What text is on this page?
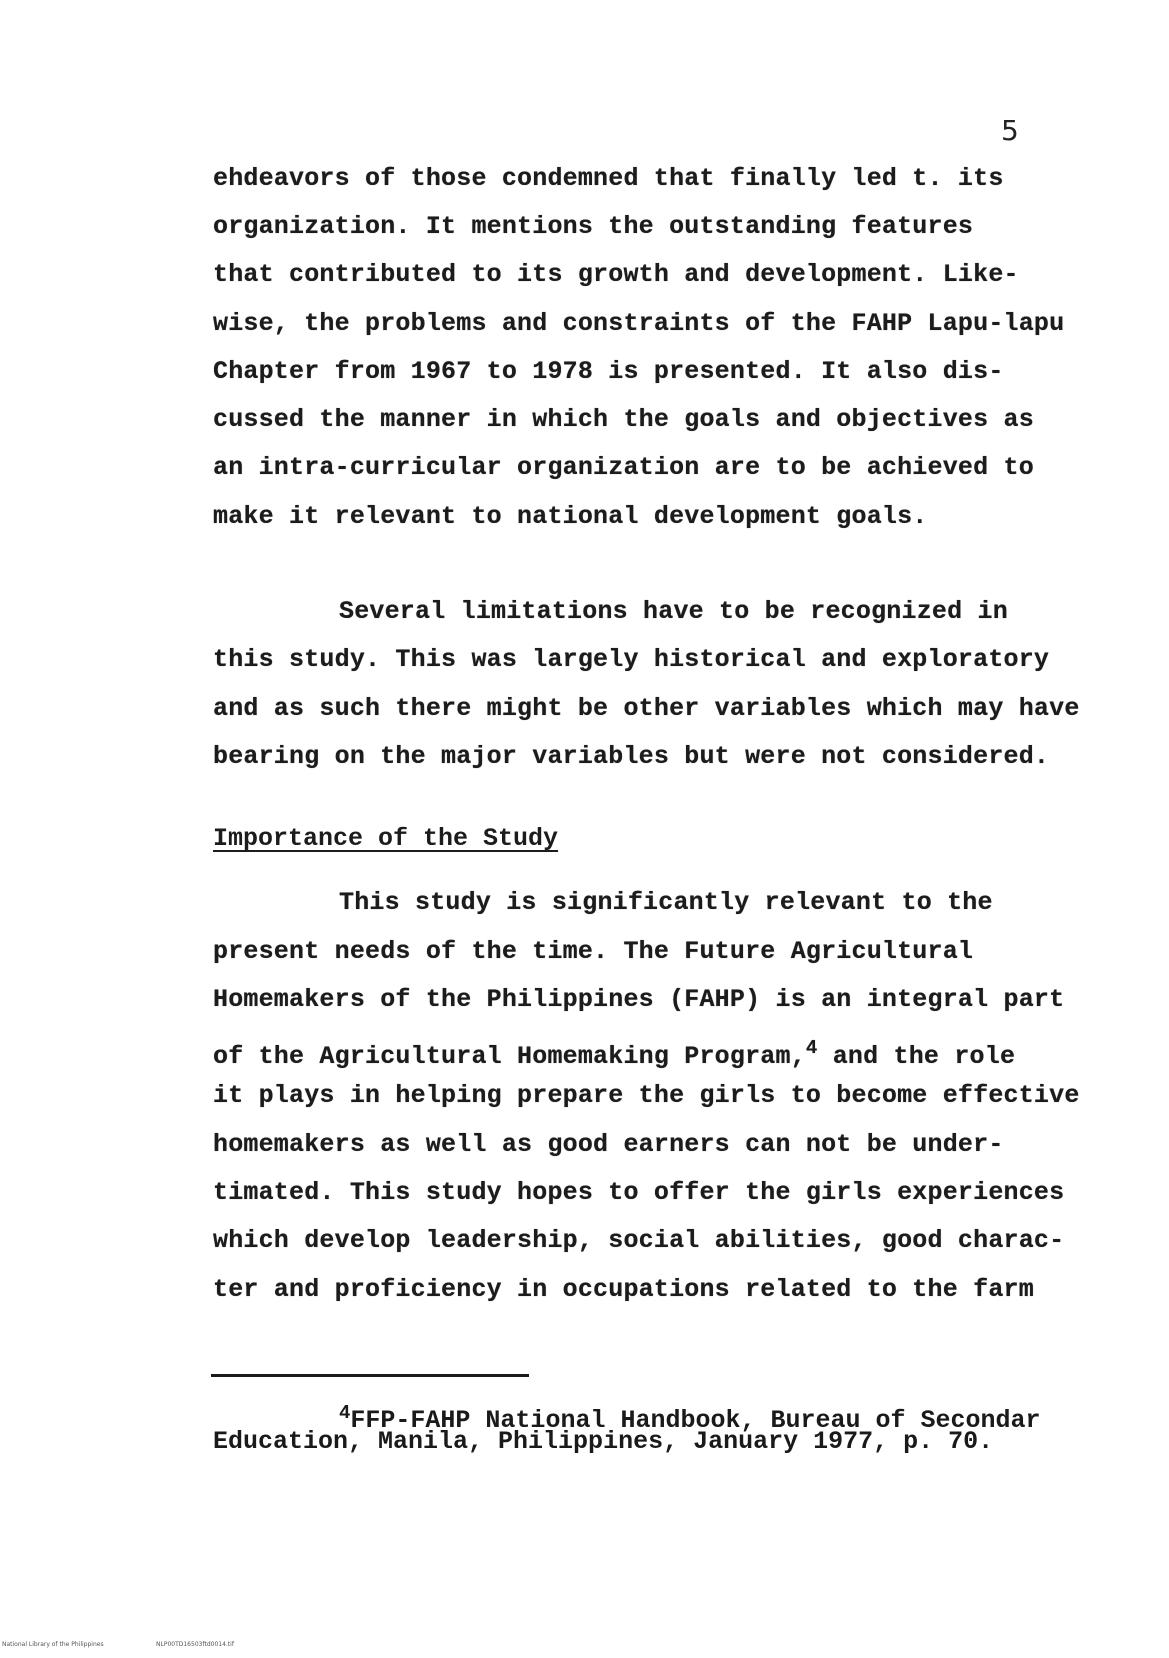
5
ehdeavors of those condemned that finally led t. its
organization. It mentions the outstanding features
that contributed to its growth and development. Like-
wise, the problems and constraints of the FAHP Lapu-lapu
Chapter from 1967 to 1978 is presented. It also dis-
cussed the manner in which the goals and objectives as
an intra-curricular organization are to be achieved to
make it relevant to national development goals.
Several limitations have to be recognized in
this study. This was largely historical and exploratory
and as such there might be other variables which may have
bearing on the major variables but were not considered.
Importance of the Study
This study is significantly relevant to the
present needs of the time. The Future Agricultural
Homemakers of the Philippines (FAHP) is an integral part
of the Agricultural Homemaking Program,$^4$ and the role
it plays in helping prepare the girls to become effective
homemakers as well as good earners can not be under-
timated. This study hopes to offer the girls experiences
which develop leadership, social abilities, good charac-
ter and proficiency in occupations related to the farm
$^4$FFP-FAHP National Handbook, Bureau of Secondar
Education, Manila, Philippines, January 1977, p. 70.
National Library of the Philippines	NLP00TD16503ftd0014.tif
